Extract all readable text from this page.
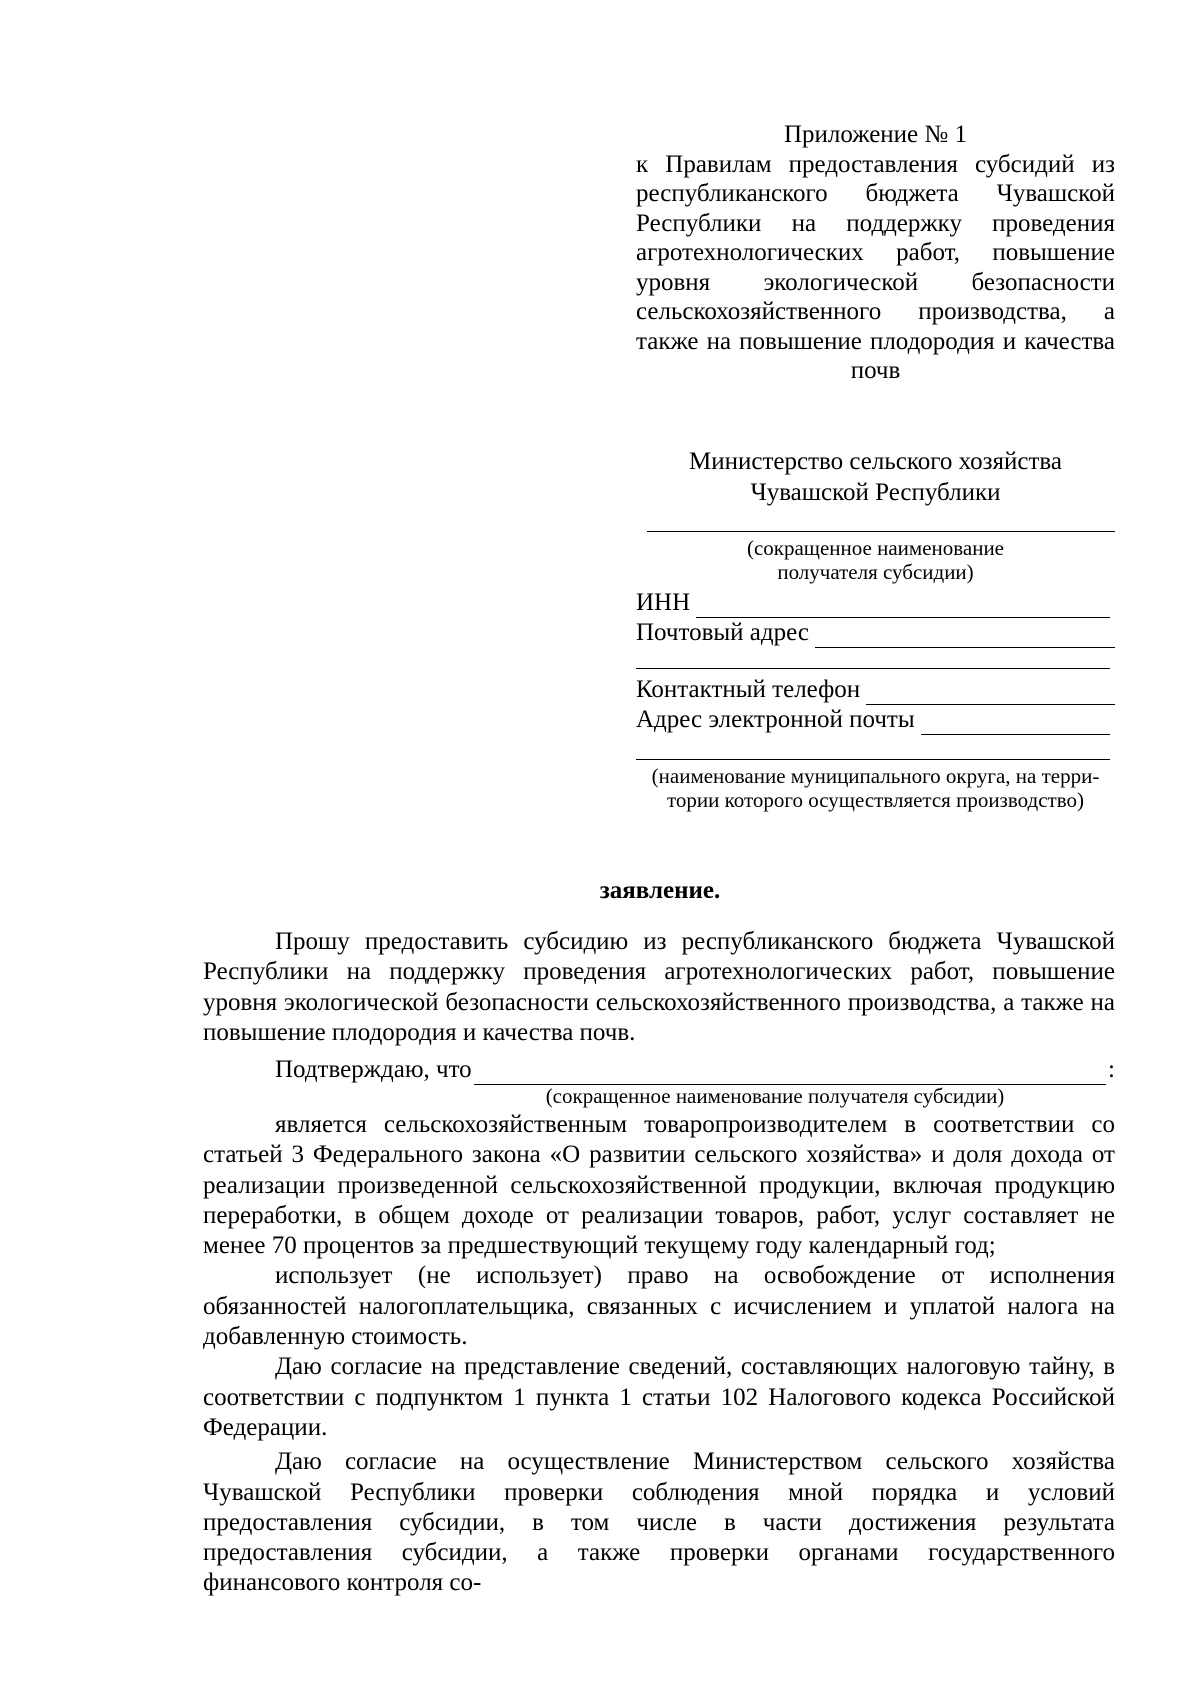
Приложение № 1
к Правилам предоставления субсидий из республиканского бюджета Чувашской Республики на поддержку проведения агротехнологических работ, повышение уровня экологической безопасности сельскохозяйственного производства, а также на повышение плодородия и качества почв
Министерство сельского хозяйства
Чувашской Республики
(сокращенное наименование
получателя субсидии)
ИНН
Почтовый адрес
Контактный телефон
Адрес электронной почты
(наименование муниципального округа, на терри-
тории которого осуществляется производство)
заявление.

Прошу предоставить субсидию из республиканского бюджета Чувашской Республики на поддержку проведения агротехнологических работ, повышение уровня экологической безопасности сельскохозяйственного производства, а также на повышение плодородия и качества почв.

Подтверждаю, что	:
(сокращенное наименование получателя субсидии)

является сельскохозяйственным товаропроизводителем в соответствии со статьей 3 Федерального закона «О развитии сельского хозяйства» и доля дохода от реализации произведенной сельскохозяйственной продукции, включая продукцию переработки, в общем доходе от реализации товаров, работ, услуг составляет не менее 70 процентов за предшествующий текущему году календарный год;

использует (не использует) право на освобождение от исполнения обязанностей налогоплательщика, связанных с исчислением и уплатой налога на добавленную стоимость.

Даю согласие на представление сведений, составляющих налоговую тайну, в соответствии с подпунктом 1 пункта 1 статьи 102 Налогового кодекса Российской Федерации.

Даю согласие на осуществление Министерством сельского хозяйства Чувашской Республики проверки соблюдения мной порядка и условий предоставления субсидии, в том числе в части достижения результата предоставления субсидии, а также проверки органами государственного финансового контроля со-
